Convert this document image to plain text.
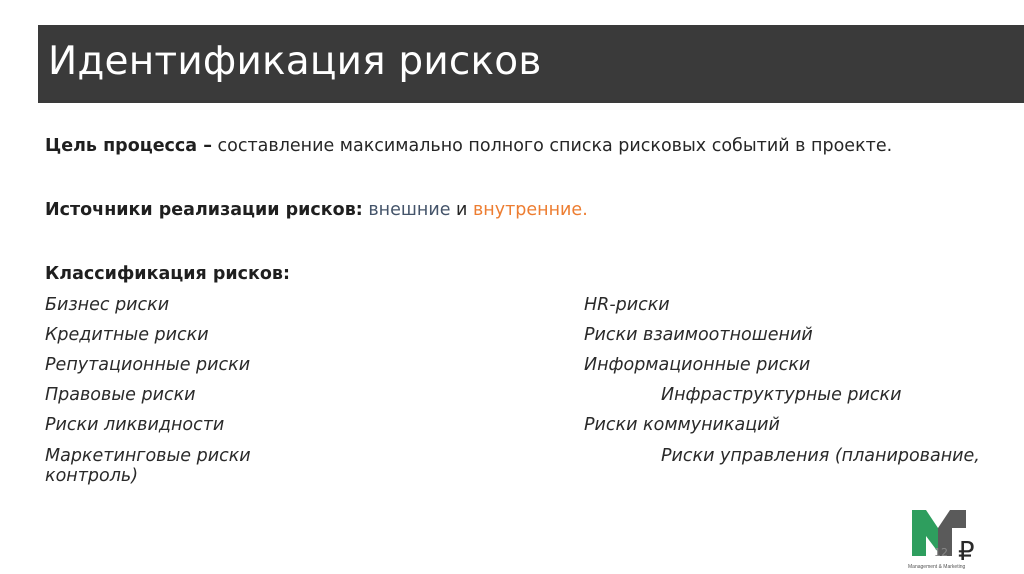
Идентификация рисков
Цель процесса – составление максимально полного списка рисковых событий в проекте.
Источники реализации рисков: внешние и внутренние.
Классификация рисков:
Бизнес риски
Кредитные риски
Репутационные риски
Правовые риски
Риски ликвидности
Маркетинговые риски
контроль)
HR-риски
Риски взаимоотношений
Информационные риски
Инфраструктурные риски
Риски коммуникаций
Риски управления (планирование,
₽
Management & Marketing
12
